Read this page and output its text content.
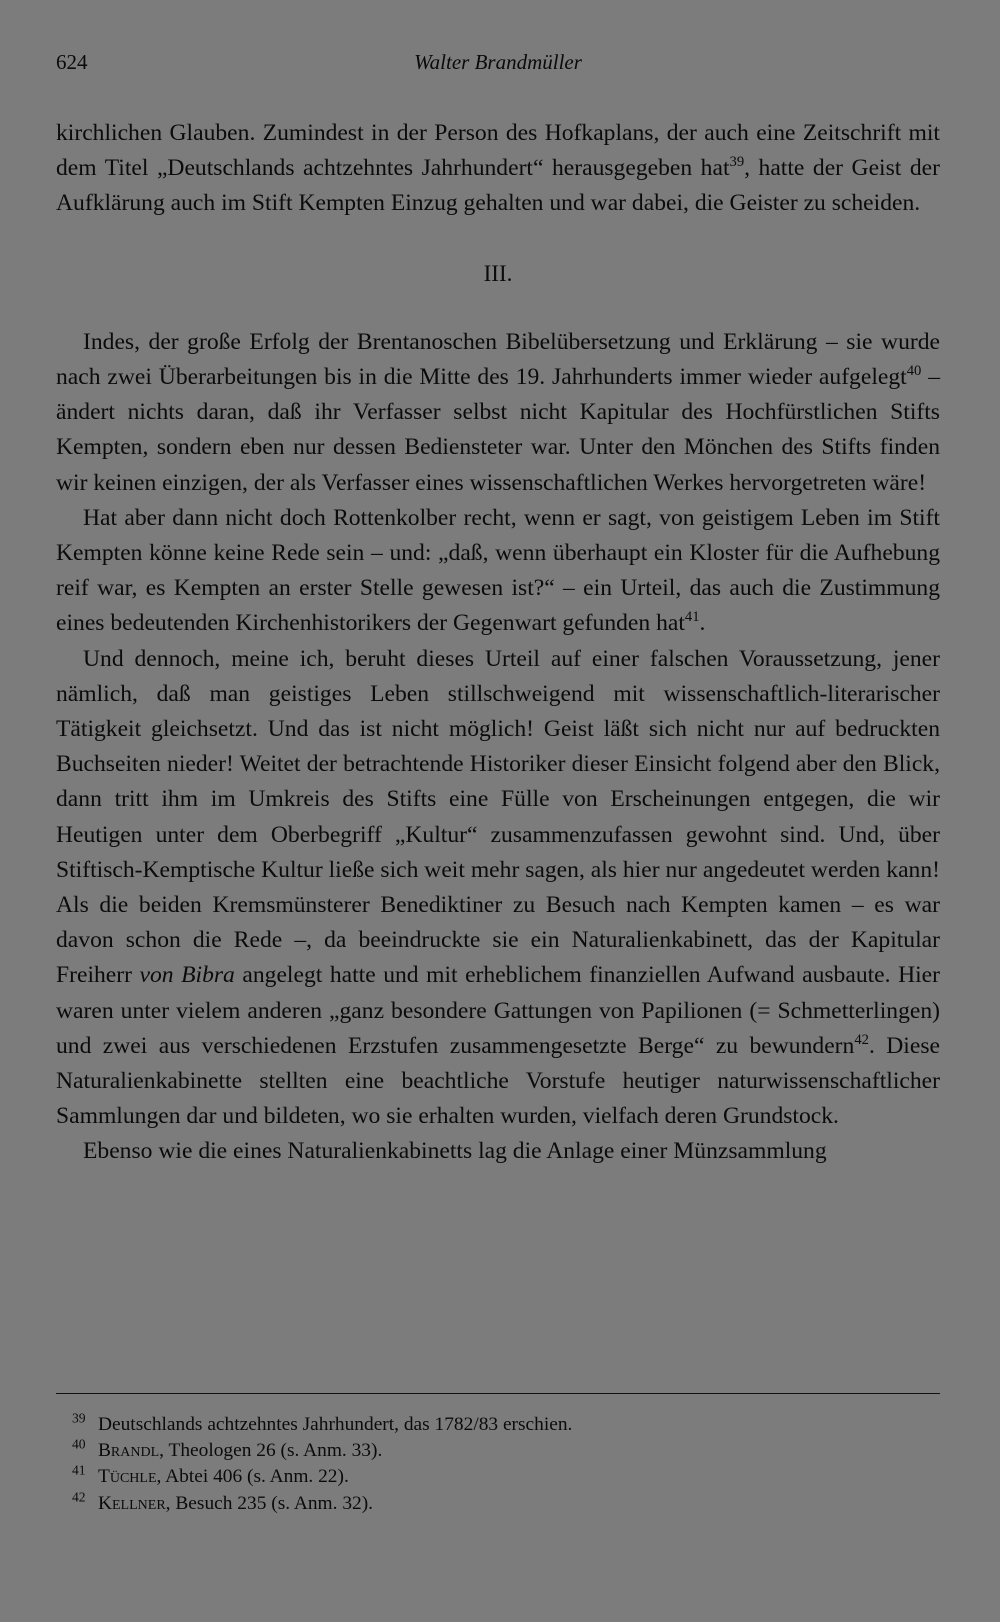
624	Walter Brandmüller

kirchlichen Glauben. Zumindest in der Person des Hofkaplans, der auch eine Zeitschrift mit dem Titel „Deutschlands achtzehntes Jahrhundert“ herausgegeben hat$^{39}$, hatte der Geist der Aufklärung auch im Stift Kempten Einzug gehalten und war dabei, die Geister zu scheiden.

III.

Indes, der große Erfolg der Brentanoschen Bibelübersetzung und Erklärung – sie wurde nach zwei Überarbeitungen bis in die Mitte des 19. Jahrhunderts immer wieder aufgelegt$^{40}$ – ändert nichts daran, daß ihr Verfasser selbst nicht Kapitular des Hochfürstlichen Stifts Kempten, sondern eben nur dessen Bediensteter war. Unter den Mönchen des Stifts finden wir keinen einzigen, der als Verfasser eines wissenschaftlichen Werkes hervorgetreten wäre!

Hat aber dann nicht doch Rottenkolber recht, wenn er sagt, von geistigem Leben im Stift Kempten könne keine Rede sein – und: „daß, wenn überhaupt ein Kloster für die Aufhebung reif war, es Kempten an erster Stelle gewesen ist?“ – ein Urteil, das auch die Zustimmung eines bedeutenden Kirchenhistorikers der Gegenwart gefunden hat$^{41}$.

Und dennoch, meine ich, beruht dieses Urteil auf einer falschen Voraussetzung, jener nämlich, daß man geistiges Leben stillschweigend mit wissenschaftlich-literarischer Tätigkeit gleichsetzt. Und das ist nicht möglich! Geist läßt sich nicht nur auf bedruckten Buchseiten nieder! Weitet der betrachtende Historiker dieser Einsicht folgend aber den Blick, dann tritt ihm im Umkreis des Stifts eine Fülle von Erscheinungen entgegen, die wir Heutigen unter dem Oberbegriff „Kultur“ zusammenzufassen gewohnt sind. Und, über Stiftisch-Kemptische Kultur ließe sich weit mehr sagen, als hier nur angedeutet werden kann! Als die beiden Kremsmünsterer Benediktiner zu Besuch nach Kempten kamen – es war davon schon die Rede –, da beeindruckte sie ein Naturalienkabinett, das der Kapitular Freiherr von Bibra angelegt hatte und mit erheblichem finanziellen Aufwand ausbaute. Hier waren unter vielem anderen „ganz besondere Gattungen von Papilionen (= Schmetterlingen) und zwei aus verschiedenen Erzstufen zusammengesetzte Berge“ zu bewundern$^{42}$. Diese Naturalienkabinette stellten eine beachtliche Vorstufe heutiger naturwissenschaftlicher Sammlungen dar und bildeten, wo sie erhalten wurden, vielfach deren Grundstock.

Ebenso wie die eines Naturalienkabinetts lag die Anlage einer Münzsammlung

$^{39}$ Deutschlands achtzehntes Jahrhundert, das 1782/83 erschien.

$^{40}$ Brandl, Theologen 26 (s. Anm. 33).

$^{41}$ Tüchle, Abtei 406 (s. Anm. 22).

$^{42}$ Kellner, Besuch 235 (s. Anm. 32).
